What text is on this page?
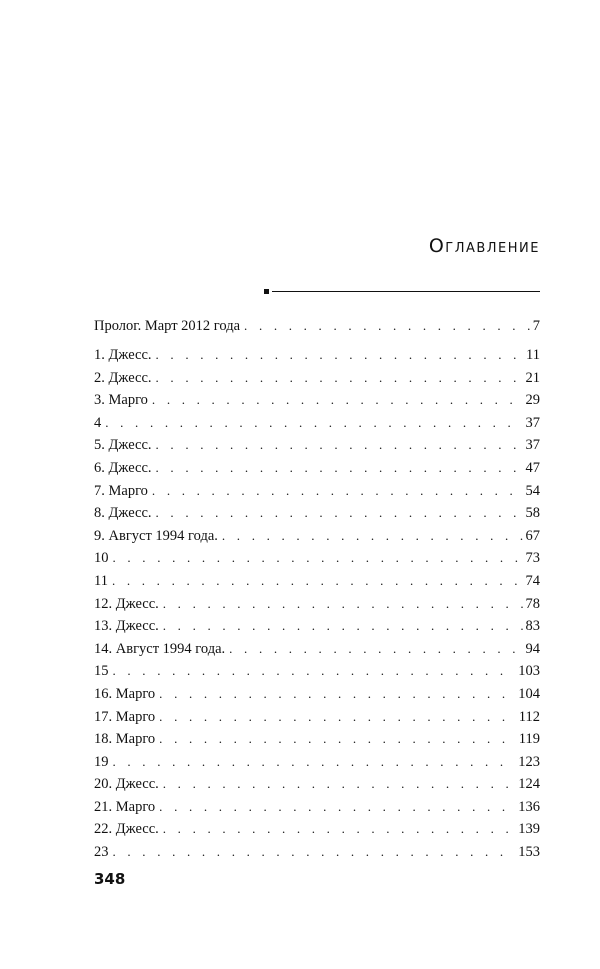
Оглавление
Пролог. Март 2012 года . . .	7
1. Джесс. . . .	11
2. Джесс. . . .	21
3. Марго . . .	29
4 . . .	37
5. Джесс. . . .	37
6. Джесс. . . .	47
7. Марго . . .	54
8. Джесс. . . .	58
9. Август 1994 года. . . .	67
10 . . .	73
11 . . .	74
12. Джесс. . . .	78
13. Джесс. . . .	83
14. Август 1994 года. . . .	94
15 . . .	103
16. Марго . . .	104
17. Марго . . .	112
18. Марго . . .	119
19 . . .	123
20. Джесс. . . .	124
21. Марго . . .	136
22. Джесс. . . .	139
23 . . .	153
348
